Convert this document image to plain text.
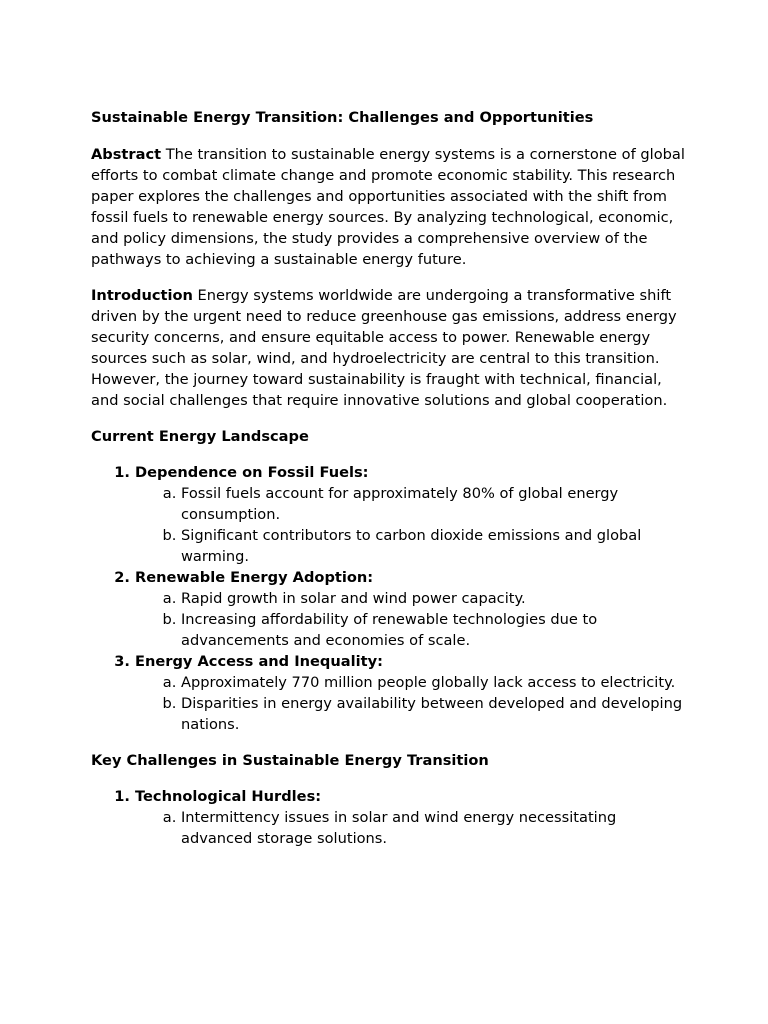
Sustainable Energy Transition: Challenges and Opportunities

Abstract The transition to sustainable energy systems is a cornerstone of global efforts to combat climate change and promote economic stability. This research paper explores the challenges and opportunities associated with the shift from fossil fuels to renewable energy sources. By analyzing technological, economic, and policy dimensions, the study provides a comprehensive overview of the pathways to achieving a sustainable energy future.

Introduction Energy systems worldwide are undergoing a transformative shift driven by the urgent need to reduce greenhouse gas emissions, address energy security concerns, and ensure equitable access to power. Renewable energy sources such as solar, wind, and hydroelectricity are central to this transition. However, the journey toward sustainability is fraught with technical, financial, and social challenges that require innovative solutions and global cooperation.

Current Energy Landscape
1. Dependence on Fossil Fuels:
a. Fossil fuels account for approximately 80% of global energy consumption.
b. Significant contributors to carbon dioxide emissions and global warming.
2. Renewable Energy Adoption:
a. Rapid growth in solar and wind power capacity.
b. Increasing affordability of renewable technologies due to advancements and economies of scale.
3. Energy Access and Inequality:
a. Approximately 770 million people globally lack access to electricity.
b. Disparities in energy availability between developed and developing nations.
Key Challenges in Sustainable Energy Transition
1. Technological Hurdles:
a. Intermittency issues in solar and wind energy necessitating advanced storage solutions.
